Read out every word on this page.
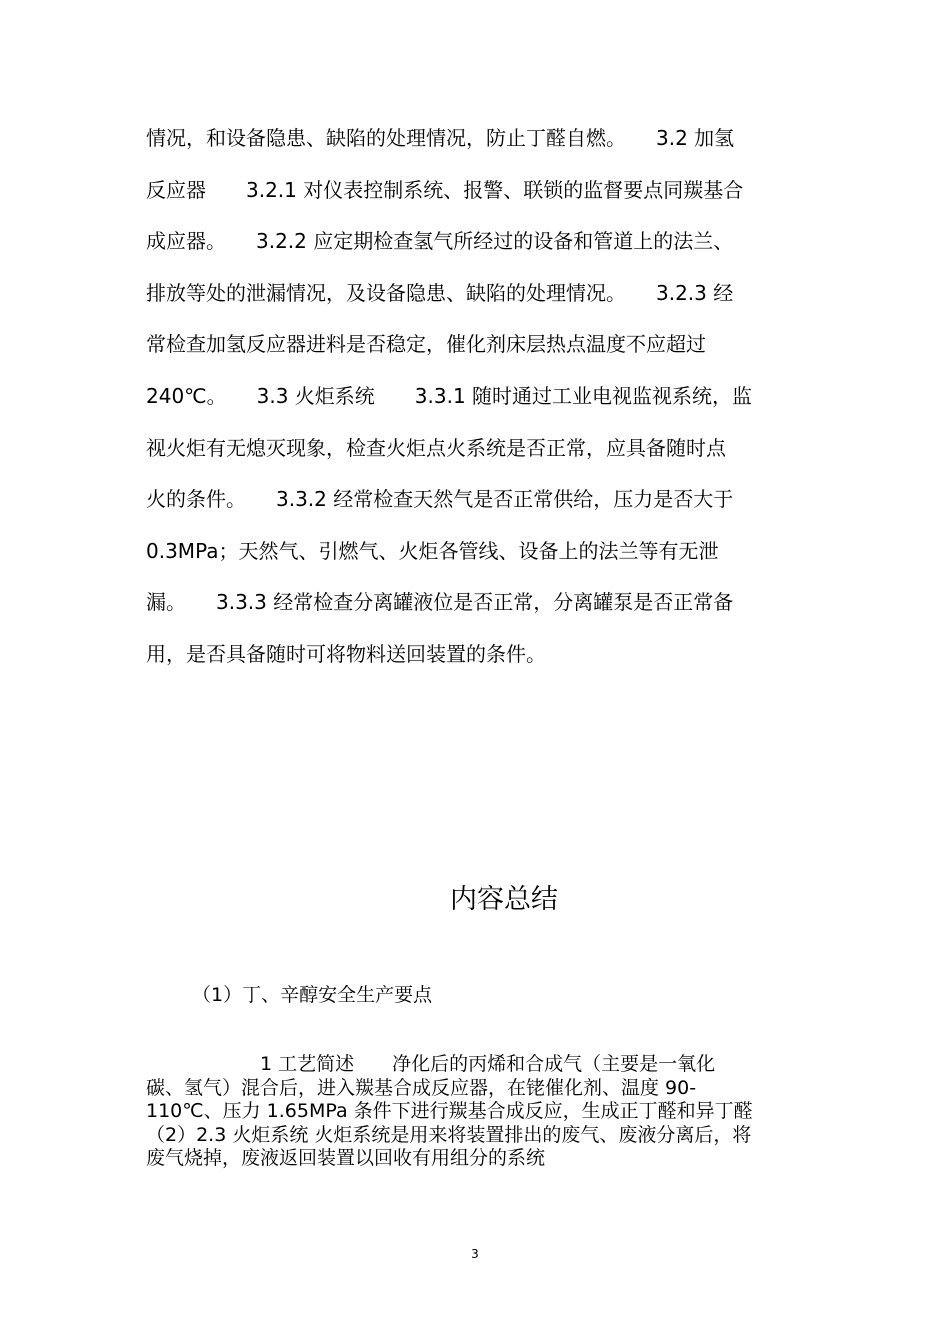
情况，和设备隐患、缺陷的处理情况，防止丁醛自燃。　　3.2 加氢
反应器　　3.2.1 对仪表控制系统、报警、联锁的监督要点同羰基合
成应器。　　3.2.2 应定期检查氢气所经过的设备和管道上的法兰、
排放等处的泄漏情况，及设备隐患、缺陷的处理情况。　　3.2.3 经
常检查加氢反应器进料是否稳定，催化剂床层热点温度不应超过
240℃。　　3.3 火炬系统　　3.3.1 随时通过工业电视监视系统，监
视火炬有无熄灭现象，检查火炬点火系统是否正常，应具备随时点
火的条件。　　3.3.2 经常检查天然气是否正常供给，压力是否大于
0.3MPa；天然气、引燃气、火炬各管线、设备上的法兰等有无泄
漏。　　3.3.3 经常检查分离罐液位是否正常，分离罐泵是否正常备
用，是否具备随时可将物料送回装置的条件。
内容总结
（1）丁、辛醇安全生产要点
　　　　　　1 工艺简述　　净化后的丙烯和合成气（主要是一氧化
碳、氢气）混合后，进入羰基合成反应器，在铑催化剂、温度 90-
110℃、压力 1.65MPa 条件下进行羰基合成反应，生成正丁醛和异丁醛
（2）2.3 火炬系统 火炬系统是用来将装置排出的废气、废液分离后，将
废气烧掉，废液返回装置以回收有用组分的系统
3
